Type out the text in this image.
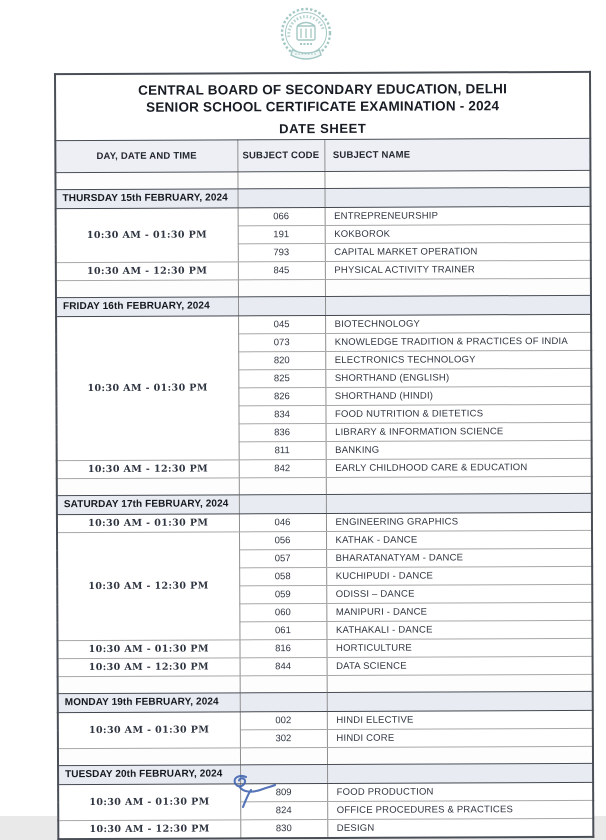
CENTRAL BOARD OF SECONDARY EDUCATION, DELHI
SENIOR SCHOOL CERTIFICATE EXAMINATION - 2024
DATE SHEET		

DAY, DATE AND TIME	SUBJECT CODE	SUBJECT NAME

THURSDAY 15th FEBRUARY, 2024		
10:30 AM - 01:30 PM	066	ENTREPRENEURSHIP
	191	KOKBOROK
	793	CAPITAL MARKET OPERATION
10:30 AM - 12:30 PM	845	PHYSICAL ACTIVITY TRAINER

FRIDAY 16th FEBRUARY, 2024		
10:30 AM - 01:30 PM	045	BIOTECHNOLOGY
	073	KNOWLEDGE TRADITION & PRACTICES OF INDIA
	820	ELECTRONICS TECHNOLOGY
	825	SHORTHAND (ENGLISH)
	826	SHORTHAND (HINDI)
	834	FOOD NUTRITION & DIETETICS
	836	LIBRARY & INFORMATION SCIENCE
	811	BANKING
10:30 AM - 12:30 PM	842	EARLY CHILDHOOD CARE & EDUCATION

SATURDAY 17th FEBRUARY, 2024		
10:30 AM - 01:30 PM	046	ENGINEERING GRAPHICS
10:30 AM - 12:30 PM	056	KATHAK - DANCE
	057	BHARATANATYAM - DANCE
	058	KUCHIPUDI - DANCE
	059	ODISSI – DANCE
	060	MANIPURI - DANCE
	061	KATHAKALI - DANCE
10:30 AM - 01:30 PM	816	HORTICULTURE
10:30 AM - 12:30 PM	844	DATA SCIENCE

MONDAY 19th FEBRUARY, 2024		
10:30 AM - 01:30 PM	002	HINDI ELECTIVE
	302	HINDI CORE

TUESDAY 20th FEBRUARY, 2024		
10:30 AM - 01:30 PM	809	FOOD PRODUCTION
	824	OFFICE PROCEDURES & PRACTICES
10:30 AM - 12:30 PM	830	DESIGN
